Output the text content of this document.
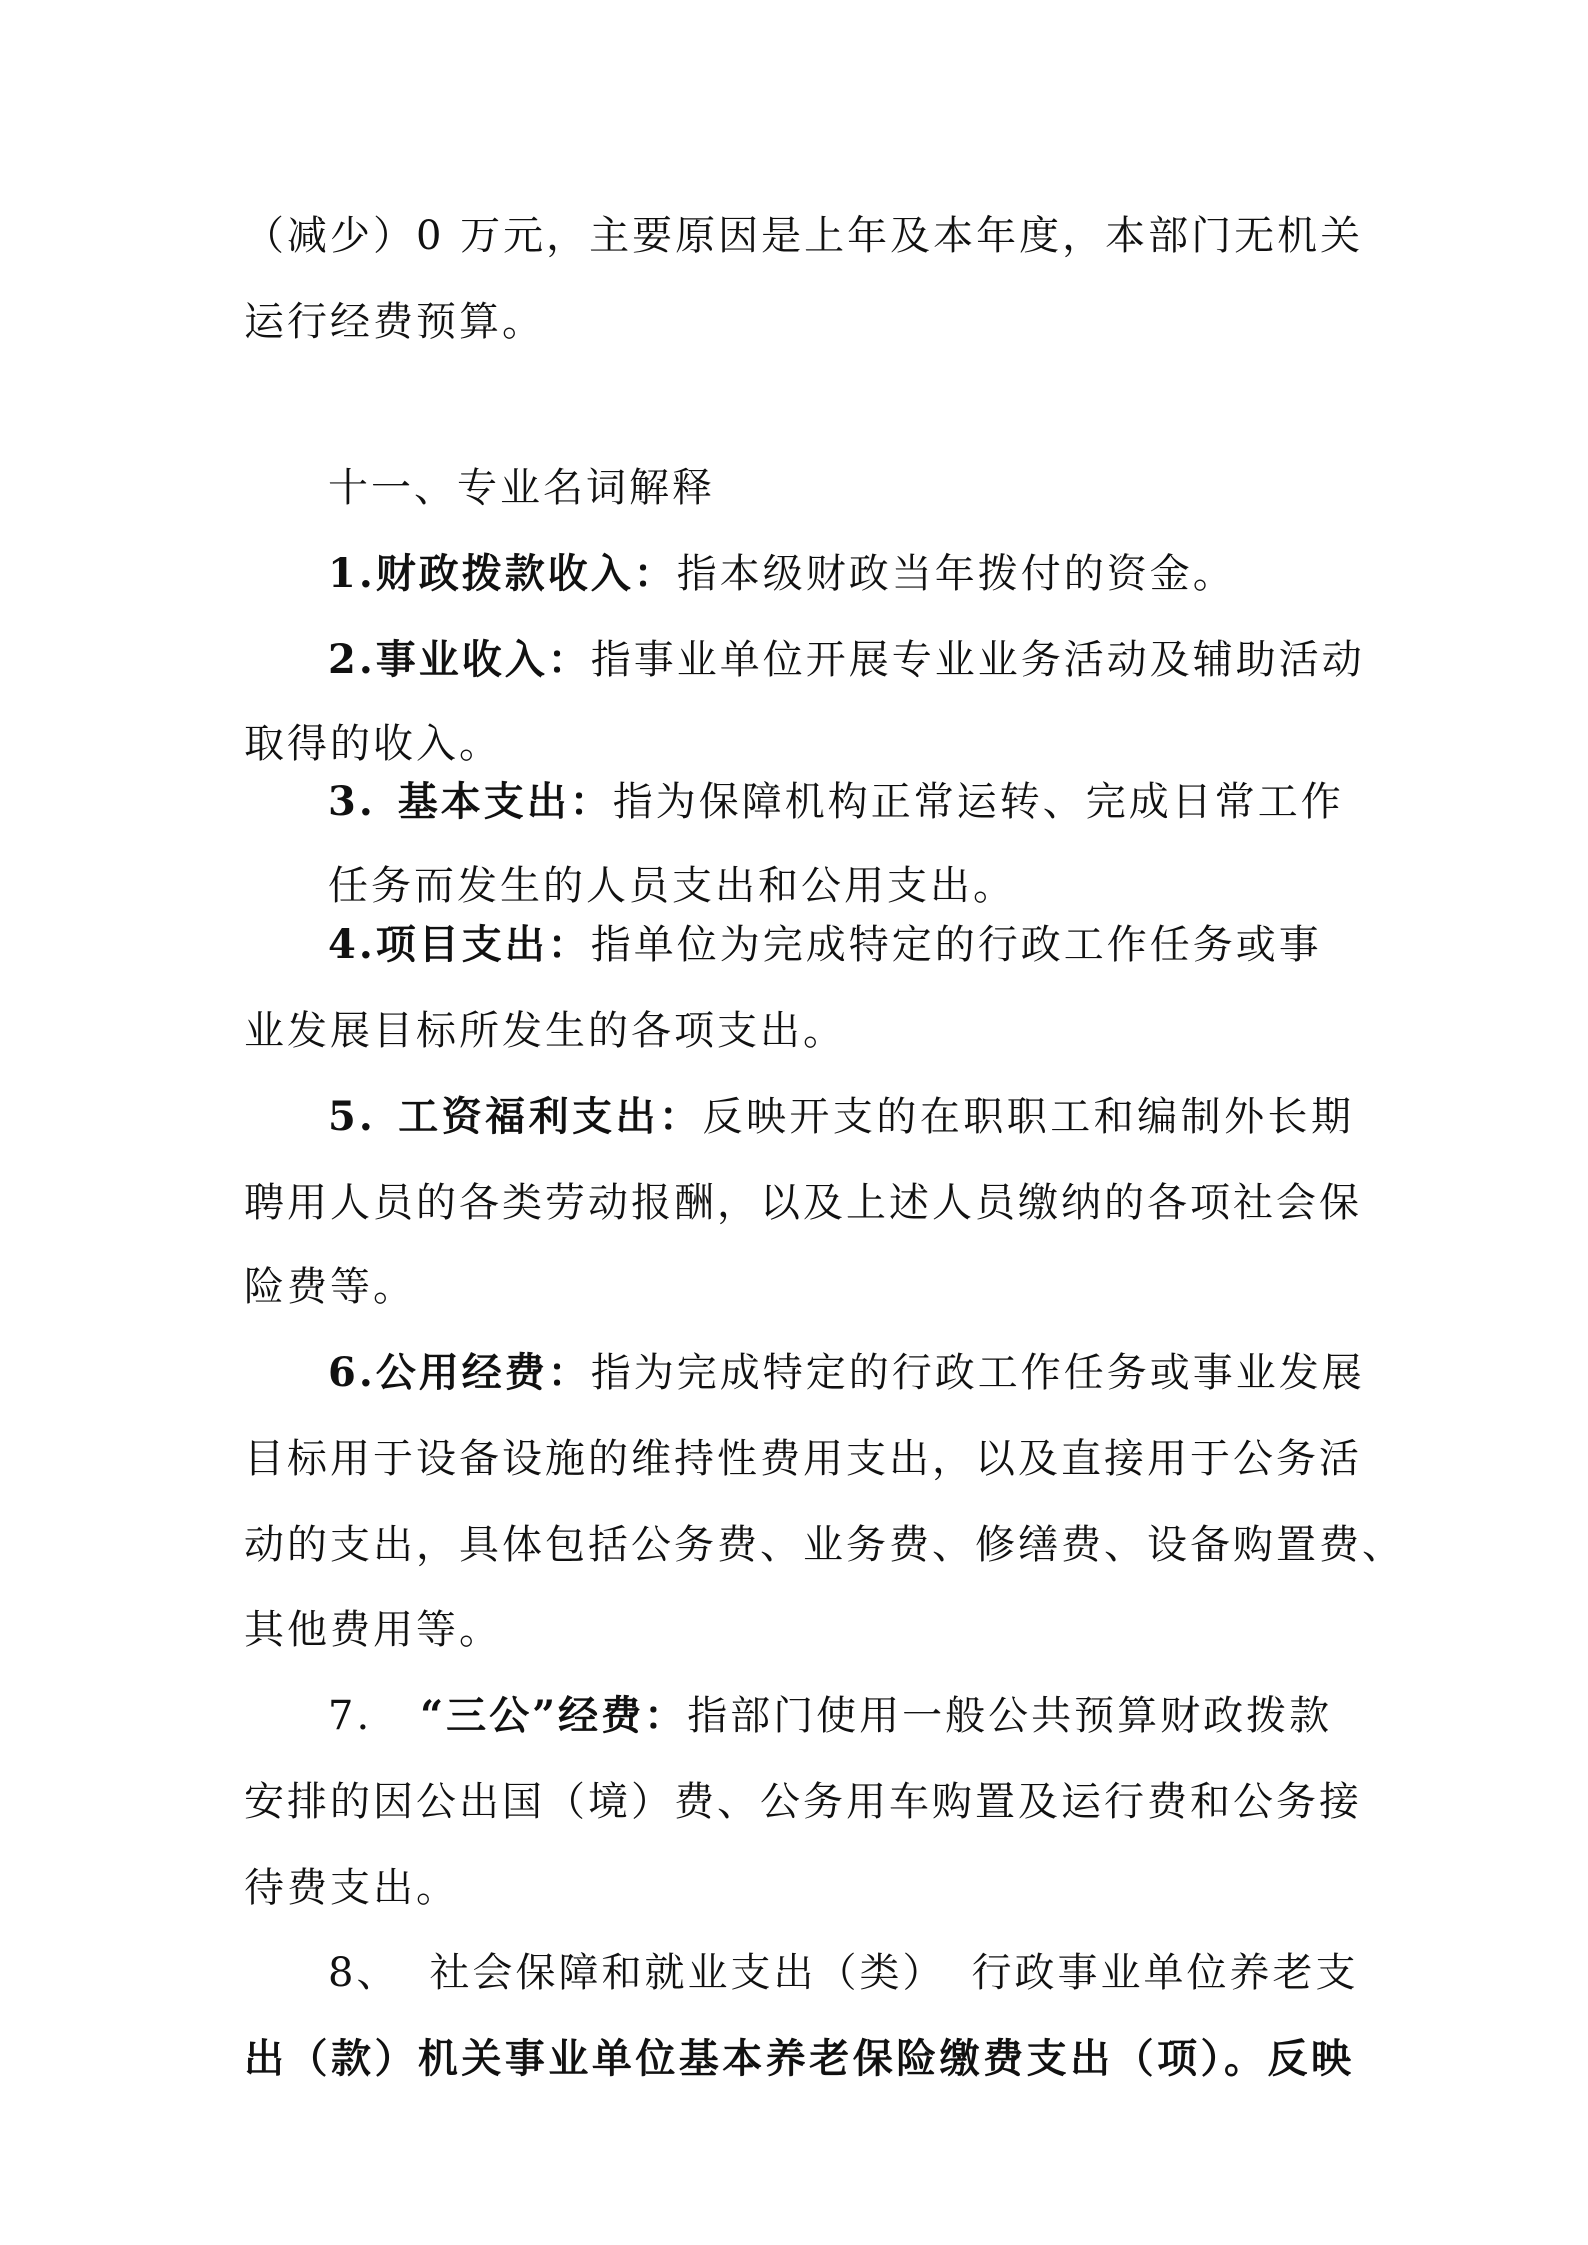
（减少）0 万元，主要原因是上年及本年度，本部门无机关
运行经费预算。
十一、专业名词解释
1.财政拨款收入：指本级财政当年拨付的资金。
2.事业收入：指事业单位开展专业业务活动及辅助活动
取得的收入。
3. 基本支出：指为保障机构正常运转、完成日常工作
任务而发生的人员支出和公用支出。
4.项目支出：指单位为完成特定的行政工作任务或事
业发展目标所发生的各项支出。
5. 工资福利支出：反映开支的在职职工和编制外长期
聘用人员的各类劳动报酬，以及上述人员缴纳的各项社会保
险费等。
6.公用经费：指为完成特定的行政工作任务或事业发展
目标用于设备设施的维持性费用支出，以及直接用于公务活
动的支出，具体包括公务费、业务费、修缮费、设备购置费、
其他费用等。
7. “三公”经费：指部门使用一般公共预算财政拨款
安排的因公出国（境）费、公务用车购置及运行费和公务接
待费支出。
8、 社会保障和就业支出（类） 行政事业单位养老支
出（款）机关事业单位基本养老保险缴费支出（项）。反映
